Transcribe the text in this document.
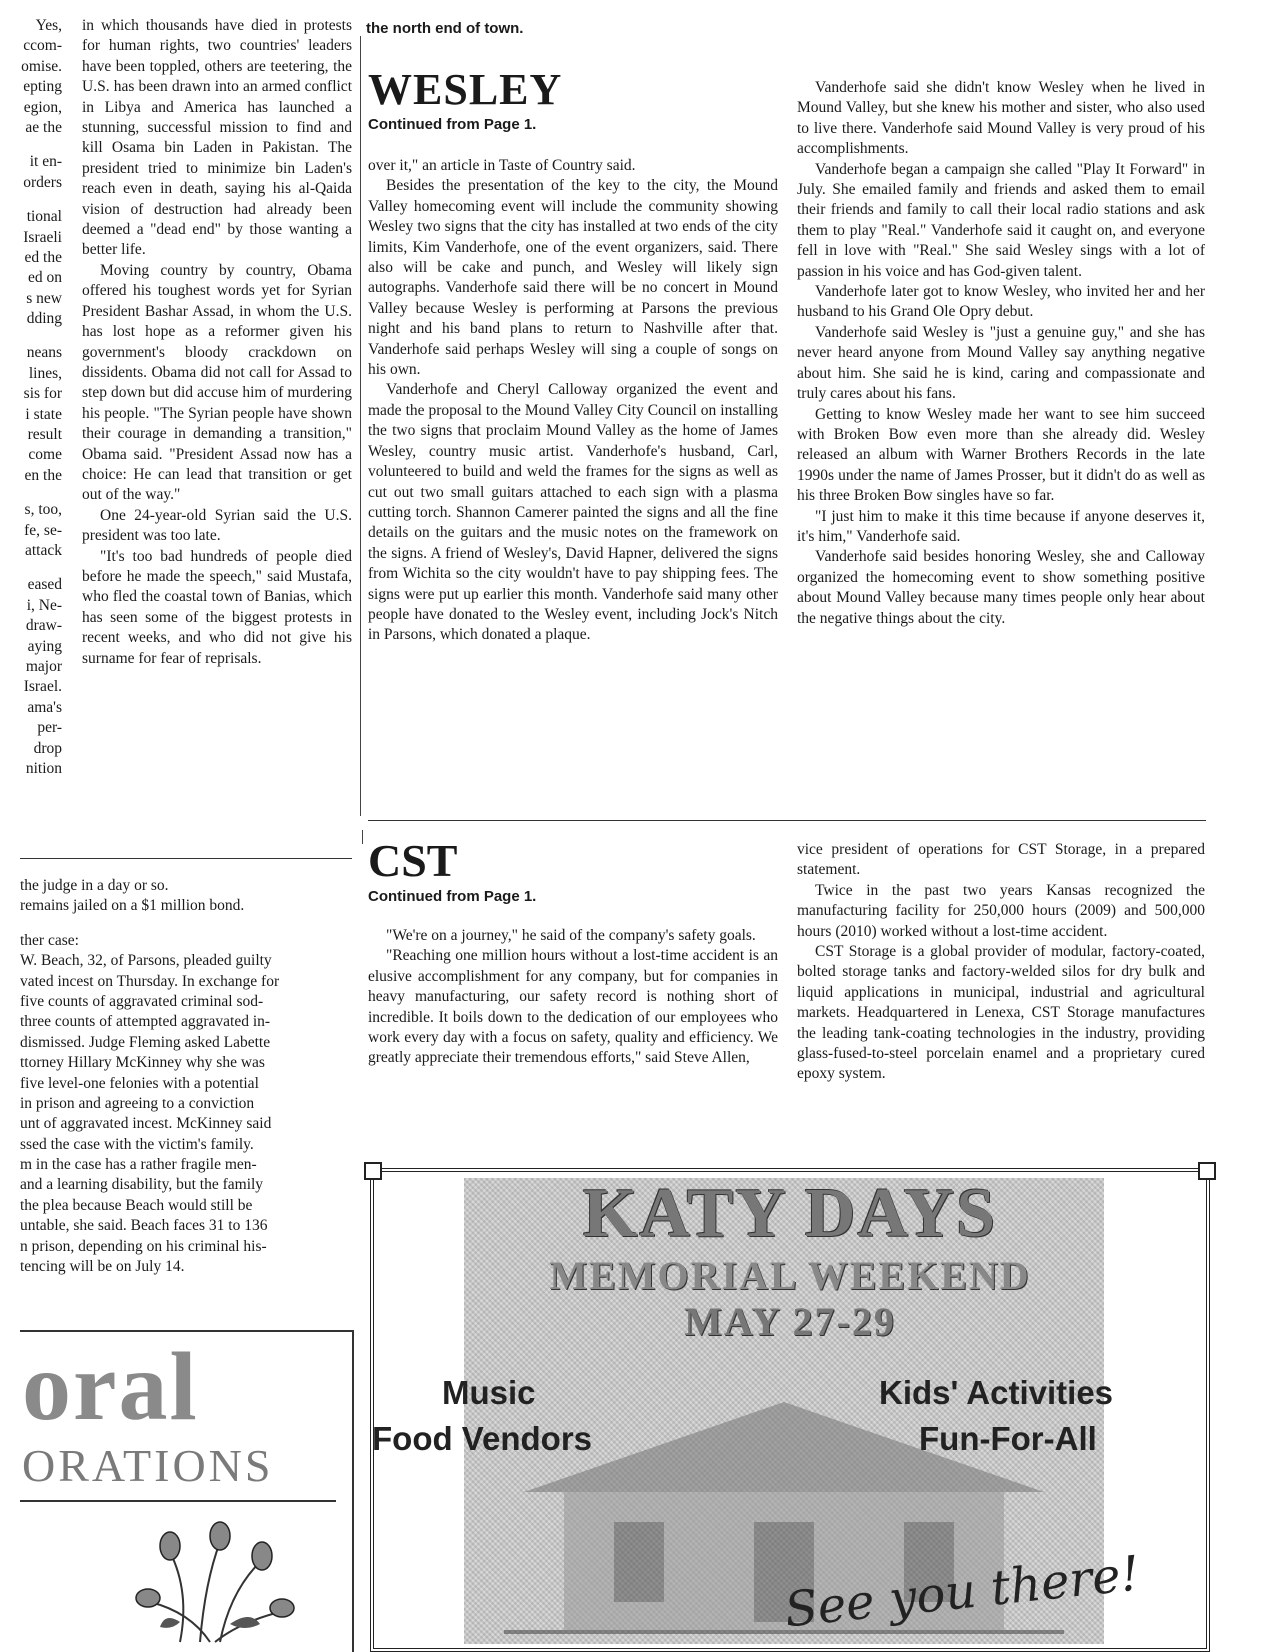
the north end of town.
Yes,
ccom-
omise.
epting
egion,
ae the
it en-
orders
tional
Israeli
ed the
ed on
s new
dding
neans
lines,
sis for
i state
result
come
en the
s, too,
fe, se-
attack
eased
i, Ne-
draw-
aying
major
Israel.
ama's
per-
drop
nition

in which thousands have died in protests for human rights, two countries' leaders have been toppled, others are teetering, the U.S. has been drawn into an armed conflict in Libya and America has launched a stunning, successful mission to find and kill Osama bin Laden in Pakistan. The president tried to minimize bin Laden's reach even in death, saying his al-Qaida vision of destruction had already been deemed a "dead end" by those wanting a better life.

Moving country by country, Obama offered his toughest words yet for Syrian President Bashar Assad, in whom the U.S. has lost hope as a reformer given his government's bloody crackdown on dissidents. Obama did not call for Assad to step down but did accuse him of murdering his people. "The Syrian people have shown their courage in demanding a transition," Obama said. "President Assad now has a choice: He can lead that transition or get out of the way."

One 24-year-old Syrian said the U.S. president was too late.

"It's too bad hundreds of people died before he made the speech," said Mustafa, who fled the coastal town of Banias, which has seen some of the biggest protests in recent weeks, and who did not give his surname for fear of reprisals.

WESLEY
Continued from Page 1.

over it," an article in Taste of Country said.

Besides the presentation of the key to the city, the Mound Valley homecoming event will include the community showing Wesley two signs that the city has installed at two ends of the city limits, Kim Vanderhofe, one of the event organizers, said. There also will be cake and punch, and Wesley will likely sign autographs. Vanderhofe said there will be no concert in Mound Valley because Wesley is performing at Parsons the previous night and his band plans to return to Nashville after that. Vanderhofe said perhaps Wesley will sing a couple of songs on his own.

Vanderhofe and Cheryl Calloway organized the event and made the proposal to the Mound Valley City Council on installing the two signs that proclaim Mound Valley as the home of James Wesley, country music artist. Vanderhofe's husband, Carl, volunteered to build and weld the frames for the signs as well as cut out two small guitars attached to each sign with a plasma cutting torch. Shannon Camerer painted the signs and all the fine details on the guitars and the music notes on the framework on the signs. A friend of Wesley's, David Hapner, delivered the signs from Wichita so the city wouldn't have to pay shipping fees. The signs were put up earlier this month. Vanderhofe said many other people have donated to the Wesley event, including Jock's Nitch in Parsons, which donated a plaque.

Vanderhofe said she didn't know Wesley when he lived in Mound Valley, but she knew his mother and sister, who also used to live there. Vanderhofe said Mound Valley is very proud of his accomplishments.

Vanderhofe began a campaign she called "Play It Forward" in July. She emailed family and friends and asked them to email their friends and family to call their local radio stations and ask them to play "Real." Vanderhofe said it caught on, and everyone fell in love with "Real." She said Wesley sings with a lot of passion in his voice and has God-given talent.

Vanderhofe later got to know Wesley, who invited her and her husband to his Grand Ole Opry debut.

Vanderhofe said Wesley is "just a genuine guy," and she has never heard anyone from Mound Valley say anything negative about him. She said he is kind, caring and compassionate and truly cares about his fans.

Getting to know Wesley made her want to see him succeed with Broken Bow even more than she already did. Wesley released an album with Warner Brothers Records in the late 1990s under the name of James Prosser, but it didn't do as well as his three Broken Bow singles have so far.

"I just him to make it this time because if anyone deserves it, it's him," Vanderhofe said.

Vanderhofe said besides honoring Wesley, she and Calloway organized the homecoming event to show something positive about Mound Valley because many times people only hear about the negative things about the city.

CST
Continued from Page 1.

"We're on a journey," he said of the company's safety goals.

"Reaching one million hours without a lost-time accident is an elusive accomplishment for any company, but for companies in heavy manufacturing, our safety record is nothing short of incredible. It boils down to the dedication of our employees who work every day with a focus on safety, quality and efficiency. We greatly appreciate their tremendous efforts," said Steve Allen,

vice president of operations for CST Storage, in a prepared statement.

Twice in the past two years Kansas recognized the manufacturing facility for 250,000 hours (2009) and 500,000 hours (2010) worked without a lost-time accident.

CST Storage is a global provider of modular, factory-coated, bolted storage tanks and factory-welded silos for dry bulk and liquid applications in municipal, industrial and agricultural markets. Headquartered in Lenexa, CST Storage manufactures the leading tank-coating technologies in the industry, providing glass-fused-to-steel porcelain enamel and a proprietary cured epoxy system.

the judge in a day or so.
remains jailed on a $1 million bond.
ther case:
W. Beach, 32, of Parsons, pleaded guilty
vated incest on Thursday. In exchange for
five counts of aggravated criminal sod-
three counts of attempted aggravated in-
dismissed. Judge Fleming asked Labette
ttorney Hillary McKinney why she was
five level-one felonies with a potential
in prison and agreeing to a conviction
unt of aggravated incest. McKinney said
ssed the case with the victim's family.
m in the case has a rather fragile men-
and a learning disability, but the family
the plea because Beach would still be
untable, she said. Beach faces 31 to 136
n prison, depending on his criminal his-
tencing will be on July 14.
oral
ORATIONS
KATY DAYS
MEMORIAL WEEKEND
MAY 27-29
Music	Kids' Activities
Food Vendors	Fun-For-All
See you there!
